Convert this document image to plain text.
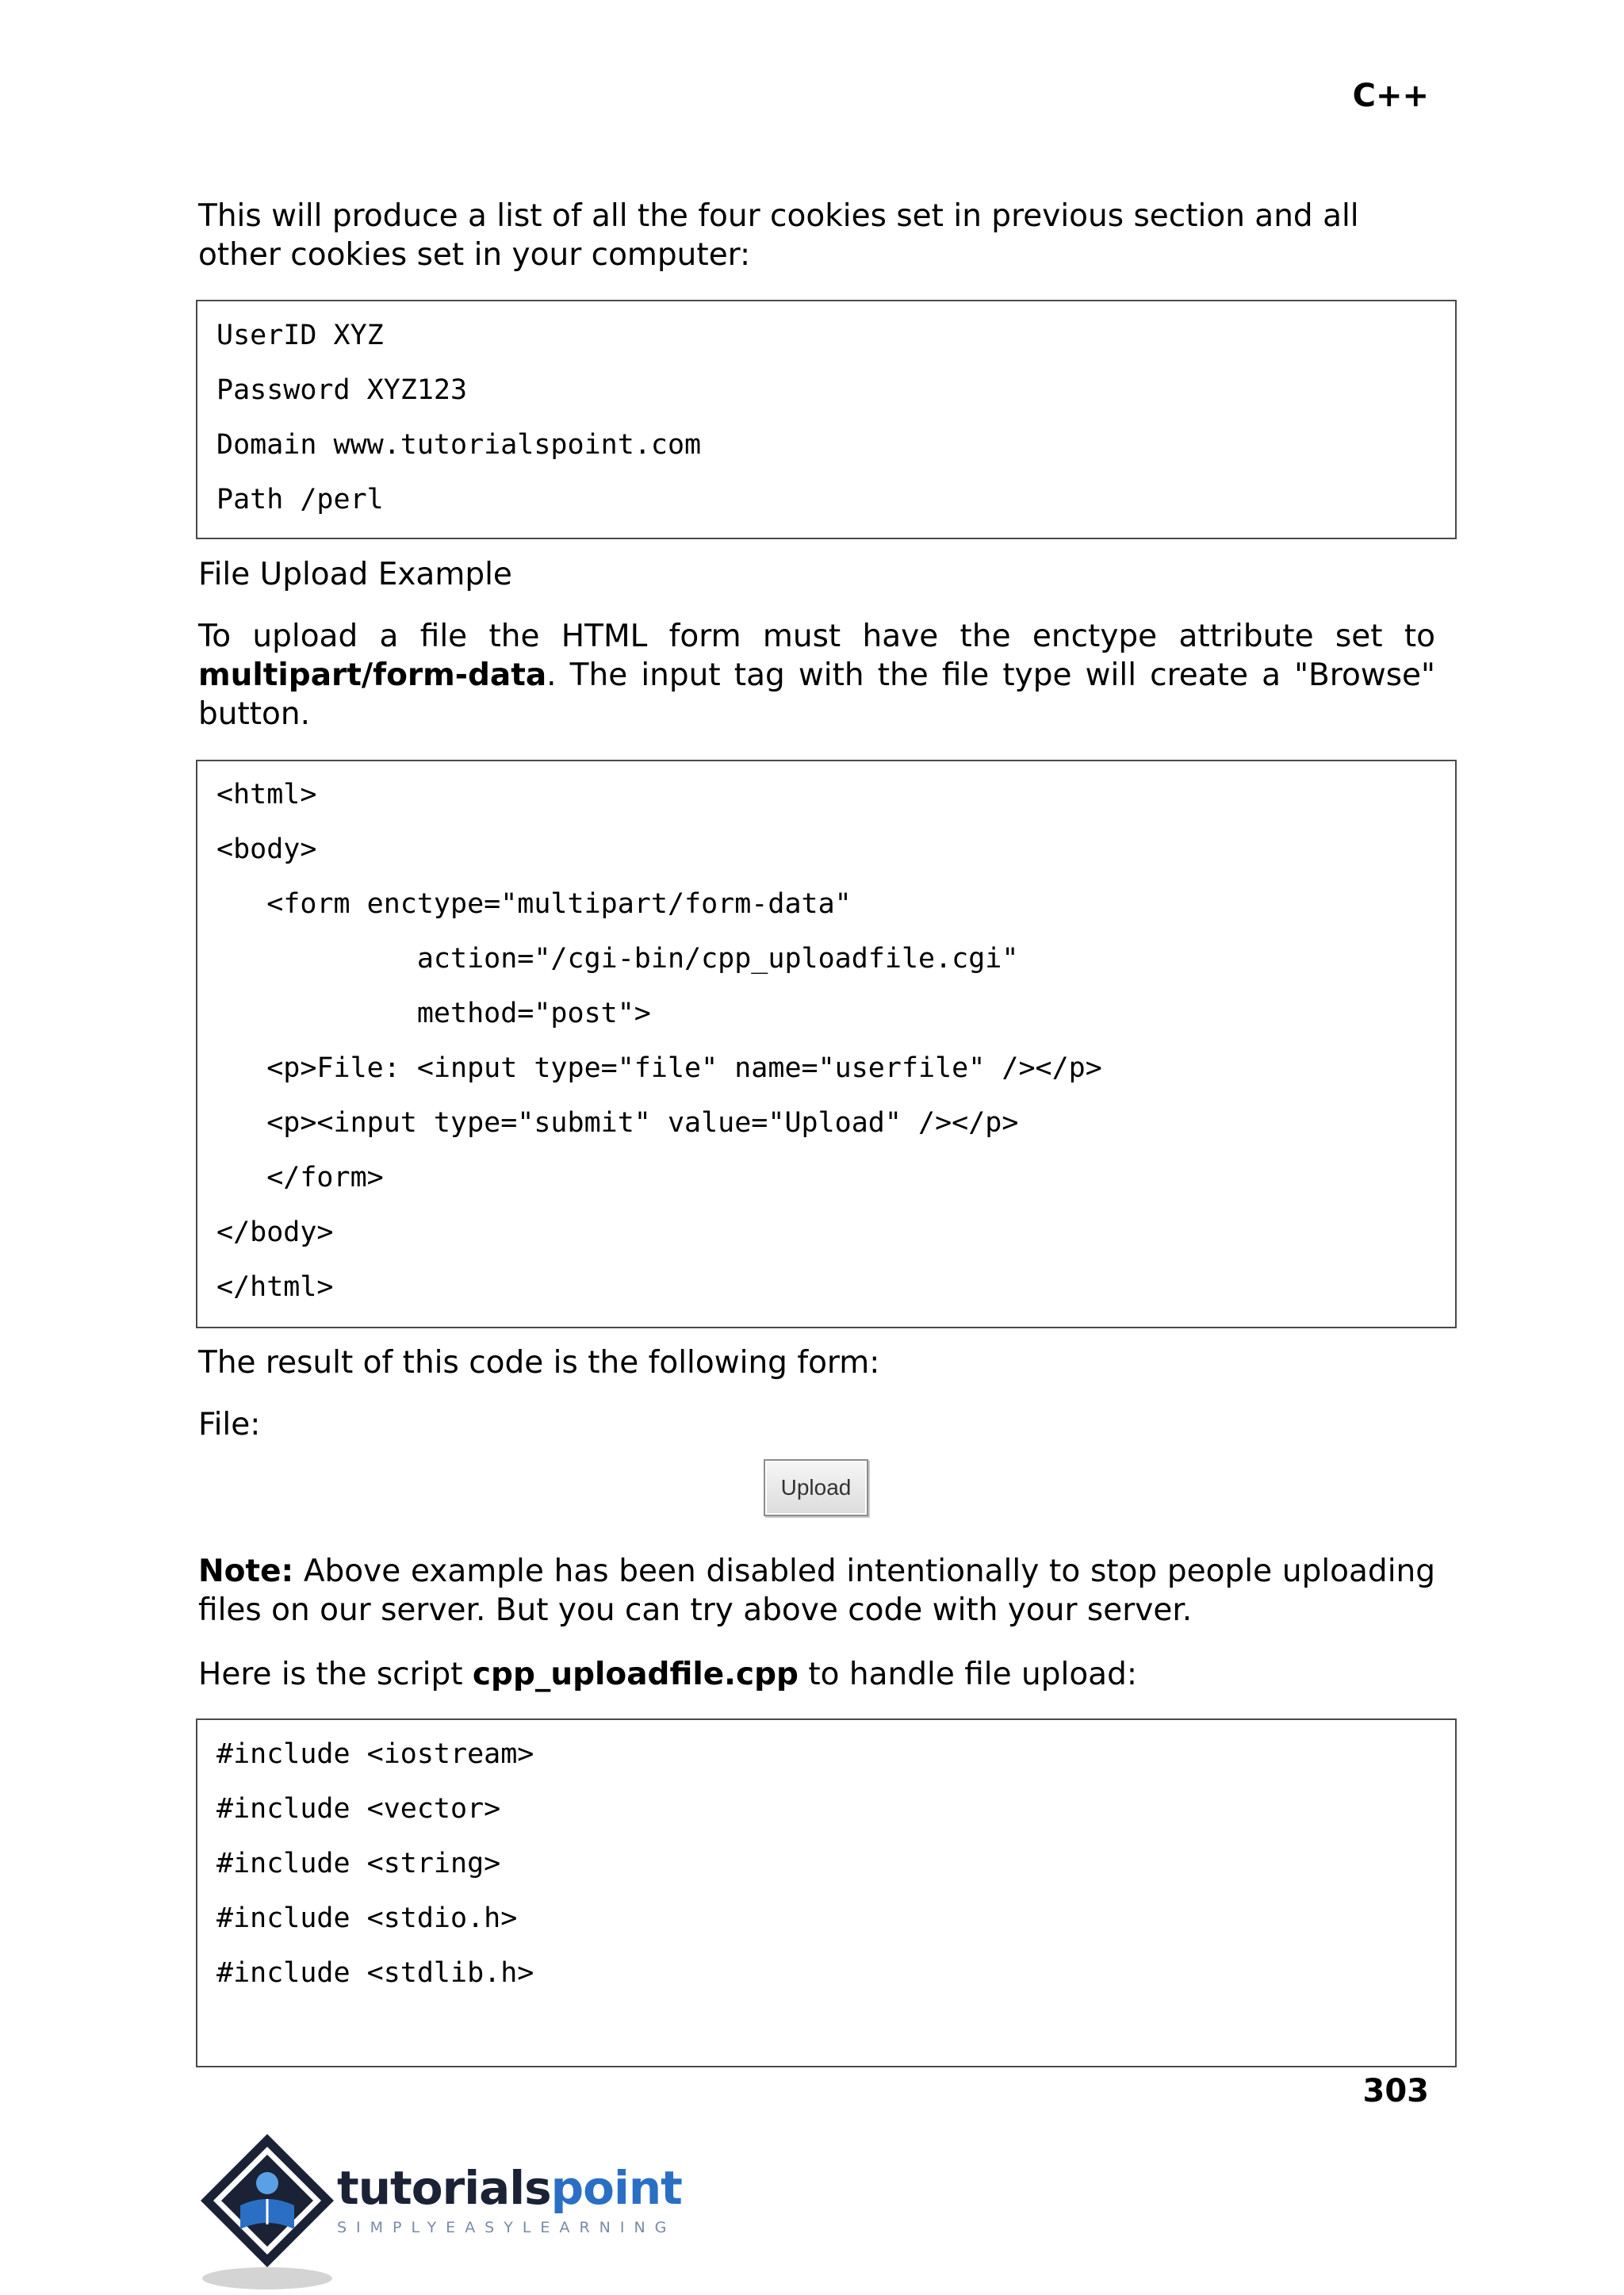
C++

This will produce a list of all the four cookies set in previous section and all other cookies set in your computer:

UserID XYZ
Password XYZ123
Domain www.tutorialspoint.com
Path /perl

File Upload Example

To upload a file the HTML form must have the enctype attribute set to multipart/form-data. The input tag with the file type will create a "Browse" button.

<html>
<body>
<form enctype="multipart/form-data"
action="/cgi-bin/cpp_uploadfile.cgi"
method="post">
<p>File: <input type="file" name="userfile" /></p>
<p><input type="submit" value="Upload" /></p>
</form>
</body>
</html>

The result of this code is the following form:

File:

Upload

Note: Above example has been disabled intentionally to stop people uploading files on our server. But you can try above code with your server.

Here is the script cpp_uploadfile.cpp to handle file upload:

#include <iostream>
#include <vector>
#include <string>
#include <stdio.h>
#include <stdlib.h>
303
tutorialspoint
SIMPLYEASYLEARNING
